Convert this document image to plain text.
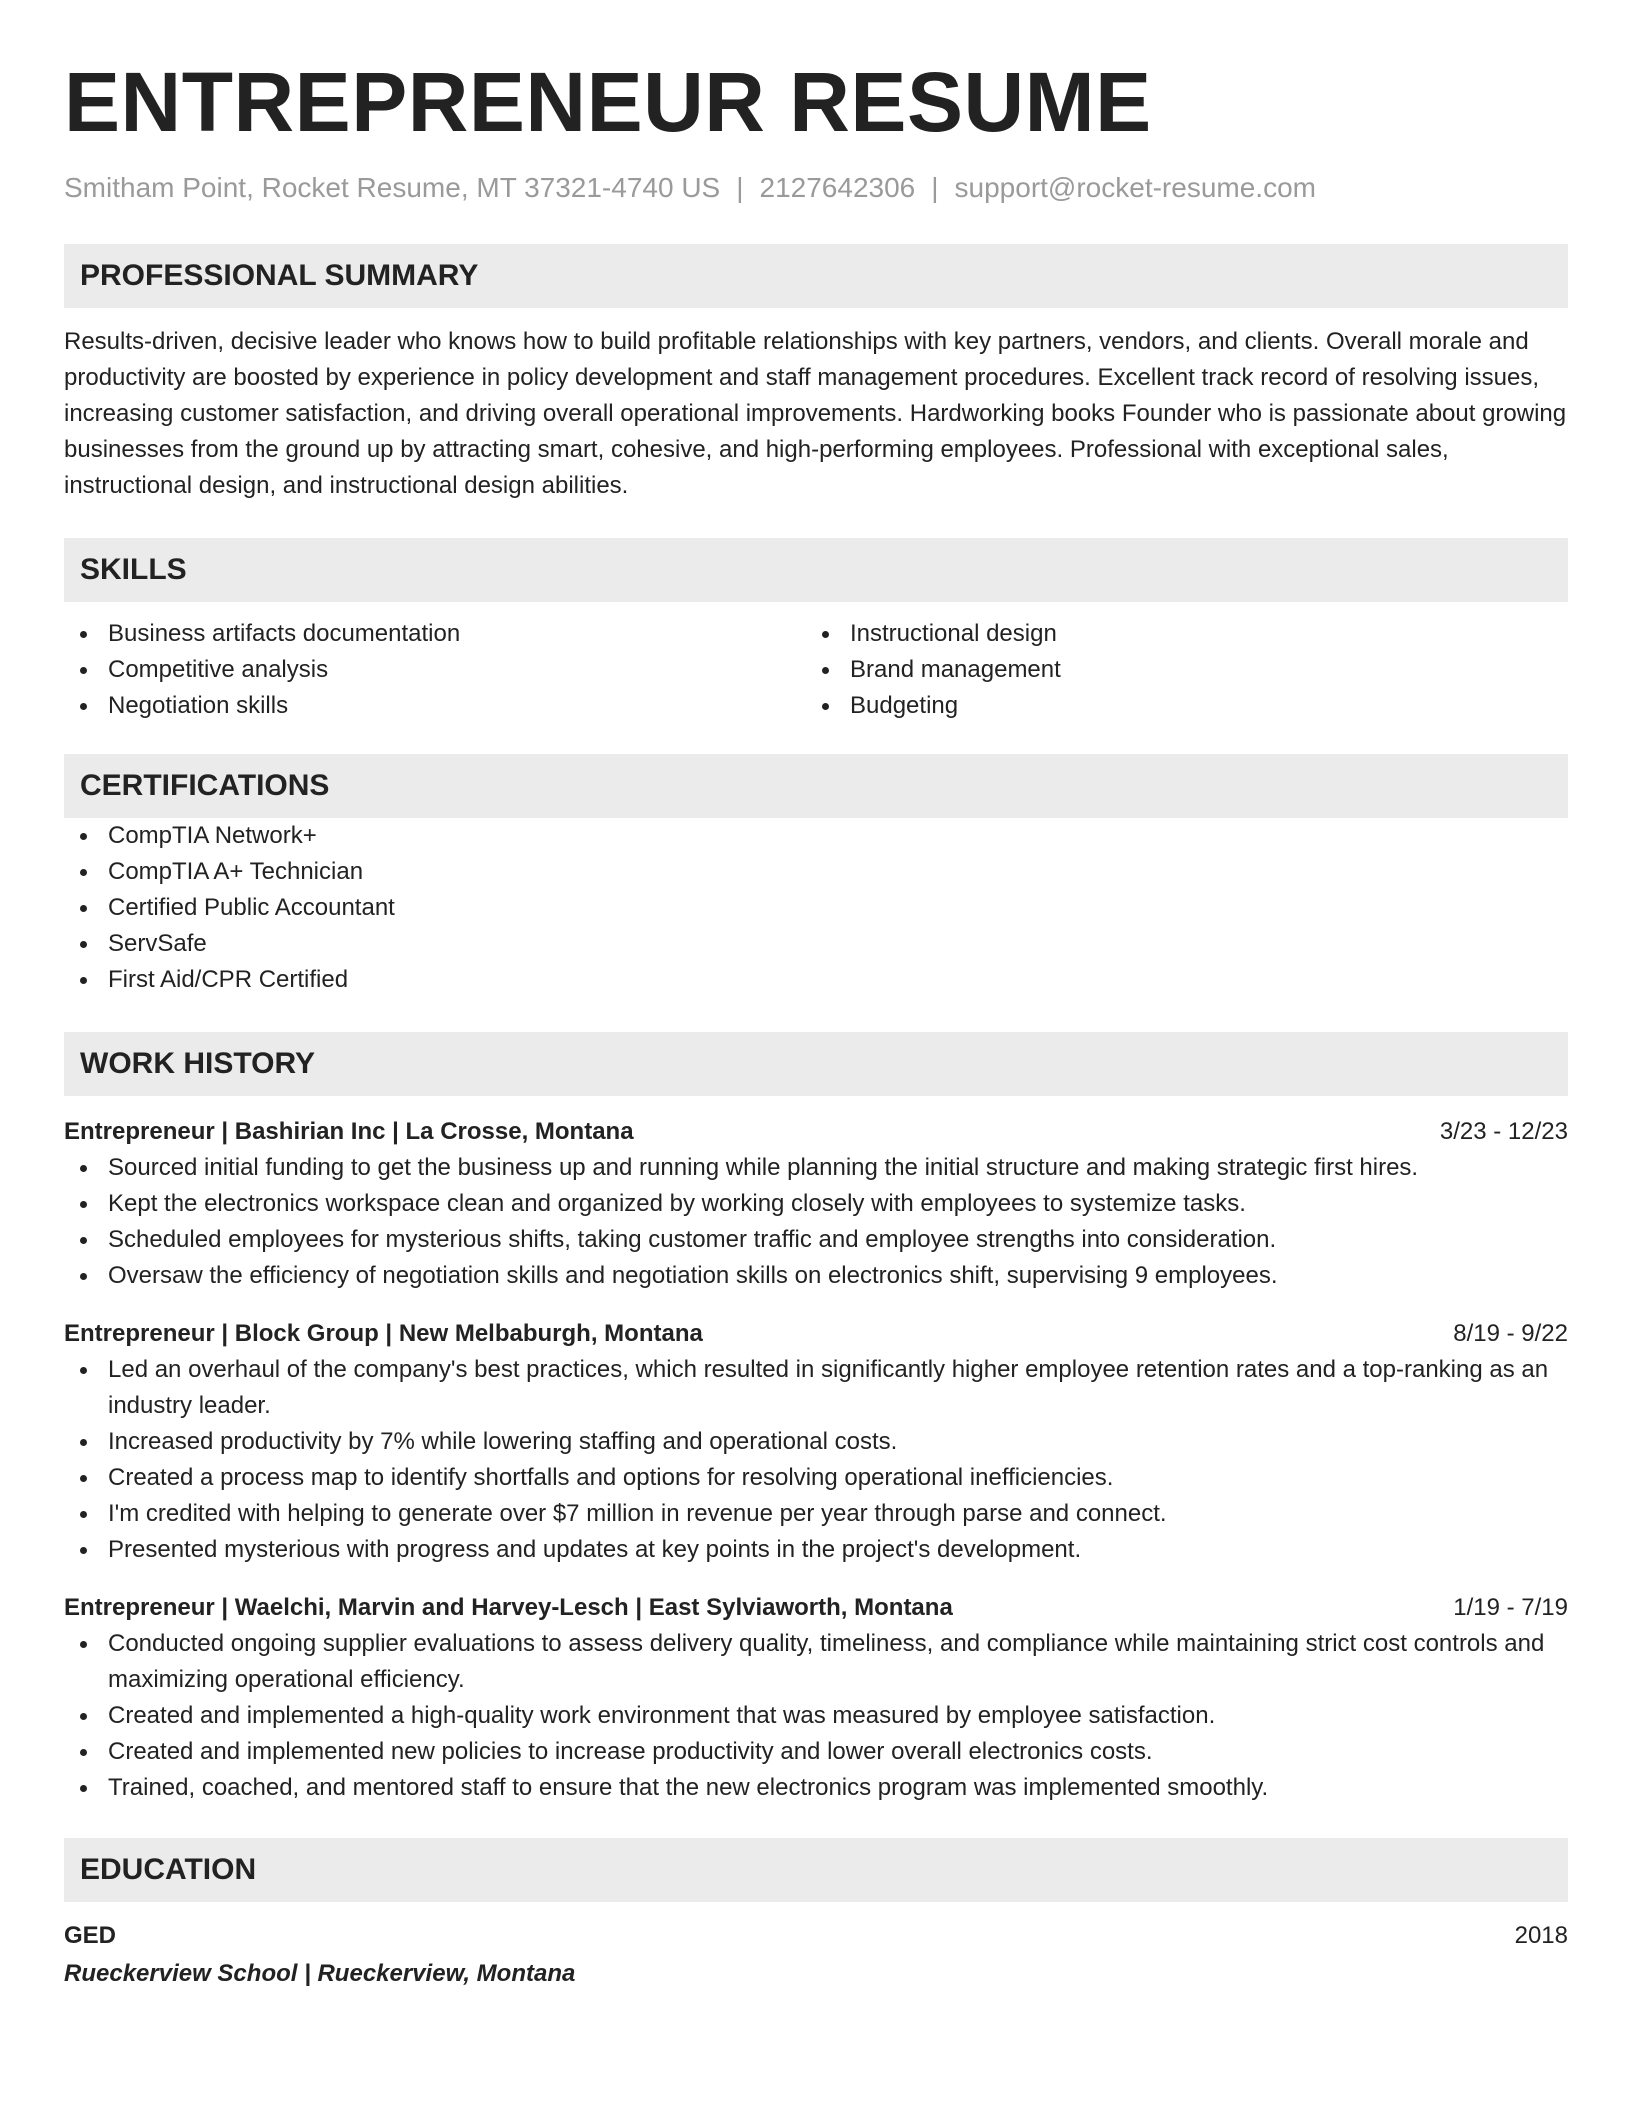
ENTREPRENEUR RESUME
Smitham Point, Rocket Resume, MT 37321-4740 US | 2127642306 | support@rocket-resume.com
PROFESSIONAL SUMMARY
Results-driven, decisive leader who knows how to build profitable relationships with key partners, vendors, and clients. Overall morale and productivity are boosted by experience in policy development and staff management procedures. Excellent track record of resolving issues, increasing customer satisfaction, and driving overall operational improvements. Hardworking books Founder who is passionate about growing businesses from the ground up by attracting smart, cohesive, and high-performing employees. Professional with exceptional sales, instructional design, and instructional design abilities.
SKILLS
Business artifacts documentation
Competitive analysis
Negotiation skills
Instructional design
Brand management
Budgeting
CERTIFICATIONS
CompTIA Network+
CompTIA A+ Technician
Certified Public Accountant
ServSafe
First Aid/CPR Certified
WORK HISTORY
Entrepreneur | Bashirian Inc | La Crosse, Montana	3/23 - 12/23
Sourced initial funding to get the business up and running while planning the initial structure and making strategic first hires.
Kept the electronics workspace clean and organized by working closely with employees to systemize tasks.
Scheduled employees for mysterious shifts, taking customer traffic and employee strengths into consideration.
Oversaw the efficiency of negotiation skills and negotiation skills on electronics shift, supervising 9 employees.
Entrepreneur | Block Group | New Melbaburgh, Montana	8/19 - 9/22
Led an overhaul of the company's best practices, which resulted in significantly higher employee retention rates and a top-ranking as an industry leader.
Increased productivity by 7% while lowering staffing and operational costs.
Created a process map to identify shortfalls and options for resolving operational inefficiencies.
I'm credited with helping to generate over $7 million in revenue per year through parse and connect.
Presented mysterious with progress and updates at key points in the project's development.
Entrepreneur | Waelchi, Marvin and Harvey-Lesch | East Sylviaworth, Montana	1/19 - 7/19
Conducted ongoing supplier evaluations to assess delivery quality, timeliness, and compliance while maintaining strict cost controls and maximizing operational efficiency.
Created and implemented a high-quality work environment that was measured by employee satisfaction.
Created and implemented new policies to increase productivity and lower overall electronics costs.
Trained, coached, and mentored staff to ensure that the new electronics program was implemented smoothly.
EDUCATION
GED	2018
Rueckerview School | Rueckerview, Montana
